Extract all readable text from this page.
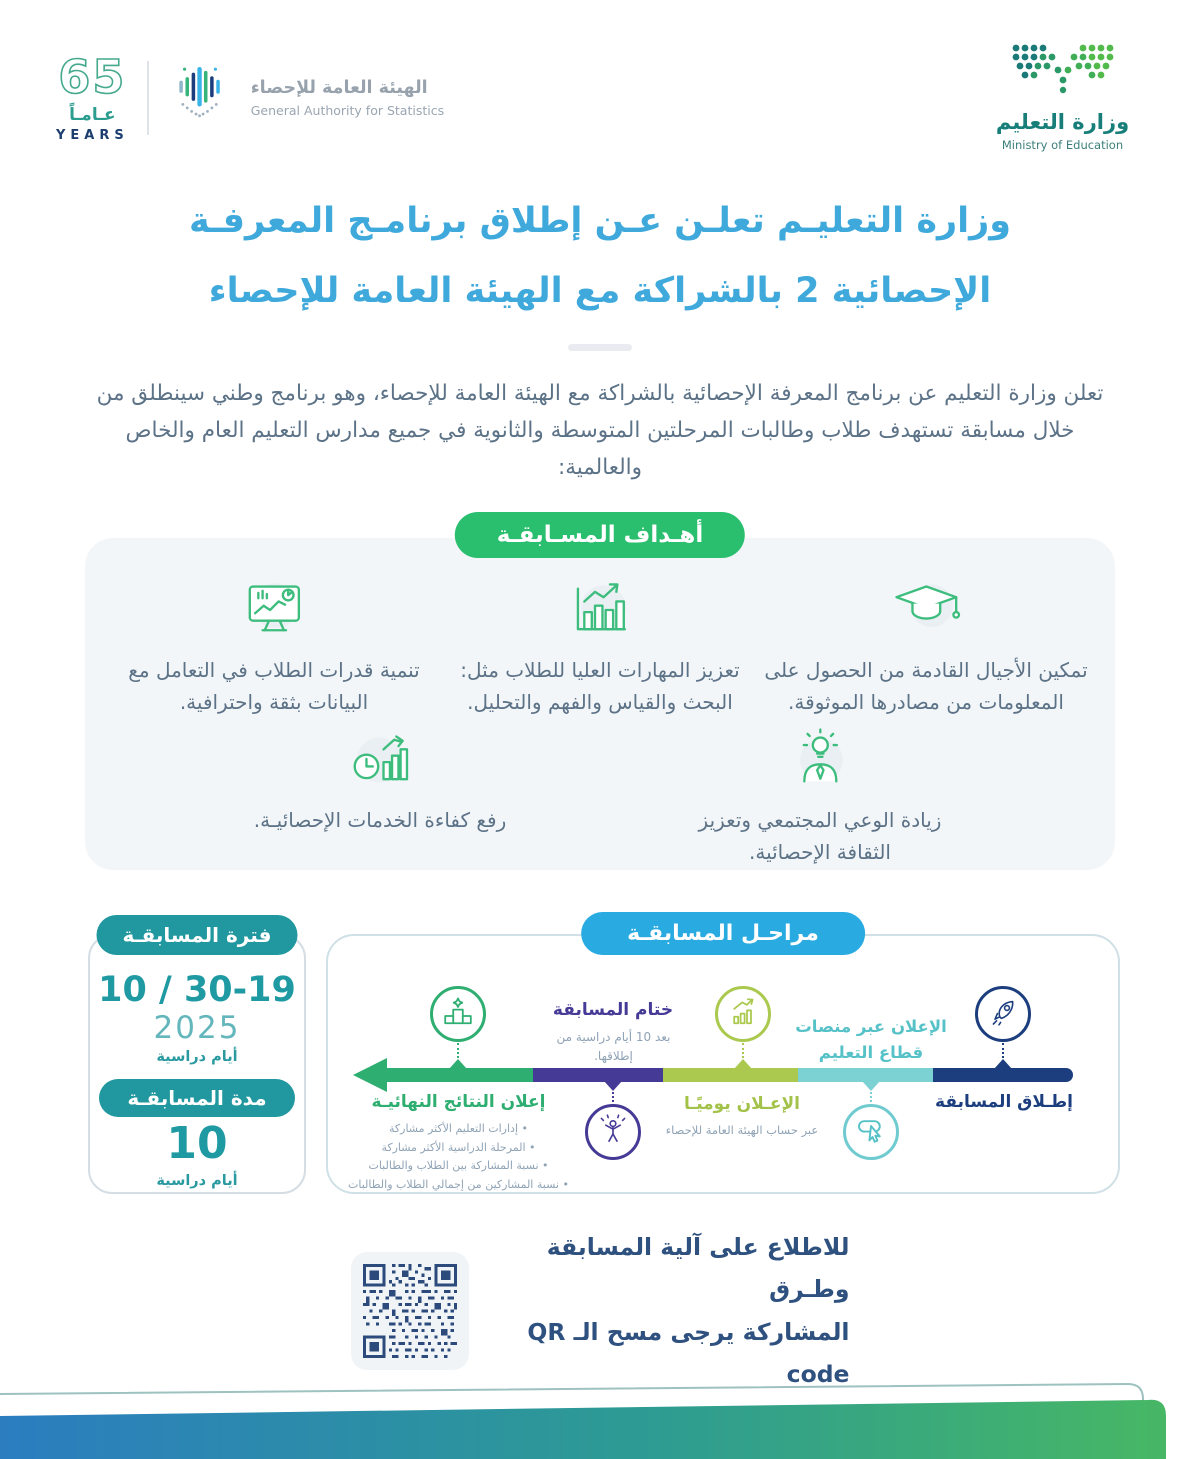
65
عـامـاً
YEARS
الهيئة العامة للإحصاء
General Authority for Statistics	وزارة التعليم
Ministry of Education
وزارة التعليـم تعلـن عـن إطلاق برنامـج المعرفـة
الإحصائية 2 بالشراكة مع الهيئة العامة للإحصاء
تعلن وزارة التعليم عن برنامج المعرفة الإحصائية بالشراكة مع الهيئة العامة للإحصاء، وهو برنامج وطني سينطلق من خلال مسابقة تستهدف طلاب وطالبات المرحلتين المتوسطة والثانوية في جميع مدارس التعليم العام والخاص والعالمية:
أهـداف المسـابقـة
تمكين الأجيال القادمة من الحصول على المعلومات من مصادرها الموثوقة.
تعزيز المهارات العليا للطلاب مثل: البحث والقياس والفهم والتحليل.
تنمية قدرات الطلاب في التعامل مع البيانات بثقة واحترافية.
زيادة الوعي المجتمعي وتعزيز الثقافة الإحصائية.
رفع كفاءة الخدمات الإحصائيـة.
فترة المسابقـة
10 / 30-19
2025
أيام دراسية
مدة المسابقـة
10
أيام دراسية
مراحـل المسابقـة
إطـلاق المسابقة
الإعلان عبر منصات قطاع التعليم
الإعـلان يوميًـا
عبر حساب الهيئة العامة للإحصاء
ختام المسابقة
بعد 10 أيام دراسية من إطلاقها.
إعلان النتائج النهائيـة
• إدارات التعليم الأكثر مشاركة
• المرحلة الدراسية الأكثر مشاركة
• نسبة المشاركة بين الطلاب والطالبات
• نسبة المشاركين من إجمالي الطلاب والطالبات
للاطلاع على آلية المسابقة وطـرق
المشاركة يرجى مسح الـ QR code
